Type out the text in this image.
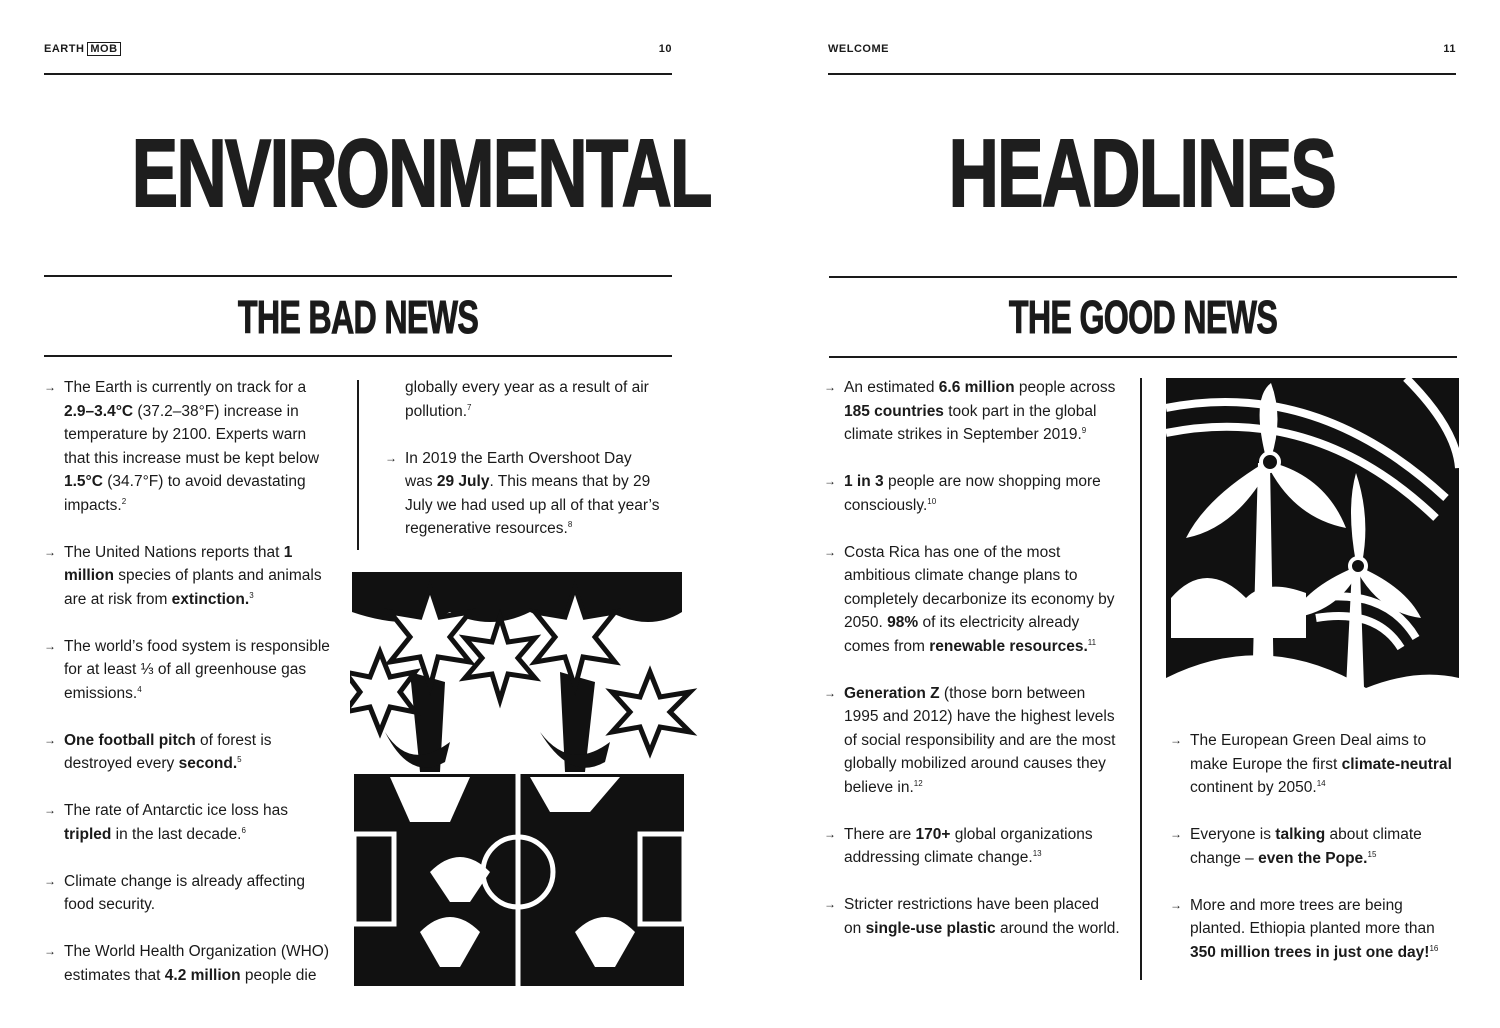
EARTH MOB	10
ENVIRONMENTAL
THE BAD NEWS
→ The Earth is currently on track for a 2.9–3.4°C (37.2–38°F) increase in temperature by 2100. Experts warn that this increase must be kept below 1.5°C (34.7°F) to avoid devastating impacts.$^2$
→ The United Nations reports that 1 million species of plants and animals are at risk from extinction.$^3$
→ The world’s food system is responsible for at least ⅓ of all greenhouse gas emissions.$^4$
→ One football pitch of forest is destroyed every second.$^5$
→ The rate of Antarctic ice loss has tripled in the last decade.$^6$
→ Climate change is already affecting food security.
→ The World Health Organization (WHO) estimates that 4.2 million people die
globally every year as a result of air pollution.$^7$
→ In 2019 the Earth Overshoot Day was 29 July. This means that by 29 July we had used up all of that year’s regenerative resources.$^8$
WELCOME	11
HEADLINES
THE GOOD NEWS
→ An estimated 6.6 million people across 185 countries took part in the global climate strikes in September 2019.$^9$
→ 1 in 3 people are now shopping more consciously.$^{10}$
→ Costa Rica has one of the most ambitious climate change plans to completely decarbonize its economy by 2050. 98% of its electricity already comes from renewable resources.$^{11}$
→ Generation Z (those born between 1995 and 2012) have the highest levels of social responsibility and are the most globally mobilized around causes they believe in.$^{12}$
→ There are 170+ global organizations addressing climate change.$^{13}$
→ Stricter restrictions have been placed on single-use plastic around the world.
→ The European Green Deal aims to make Europe the first climate-neutral continent by 2050.14
→ Everyone is talking about climate change – even the Pope.$^{15}$
→ More and more trees are being planted. Ethiopia planted more than 350 million trees in just one day!$^{16}$
